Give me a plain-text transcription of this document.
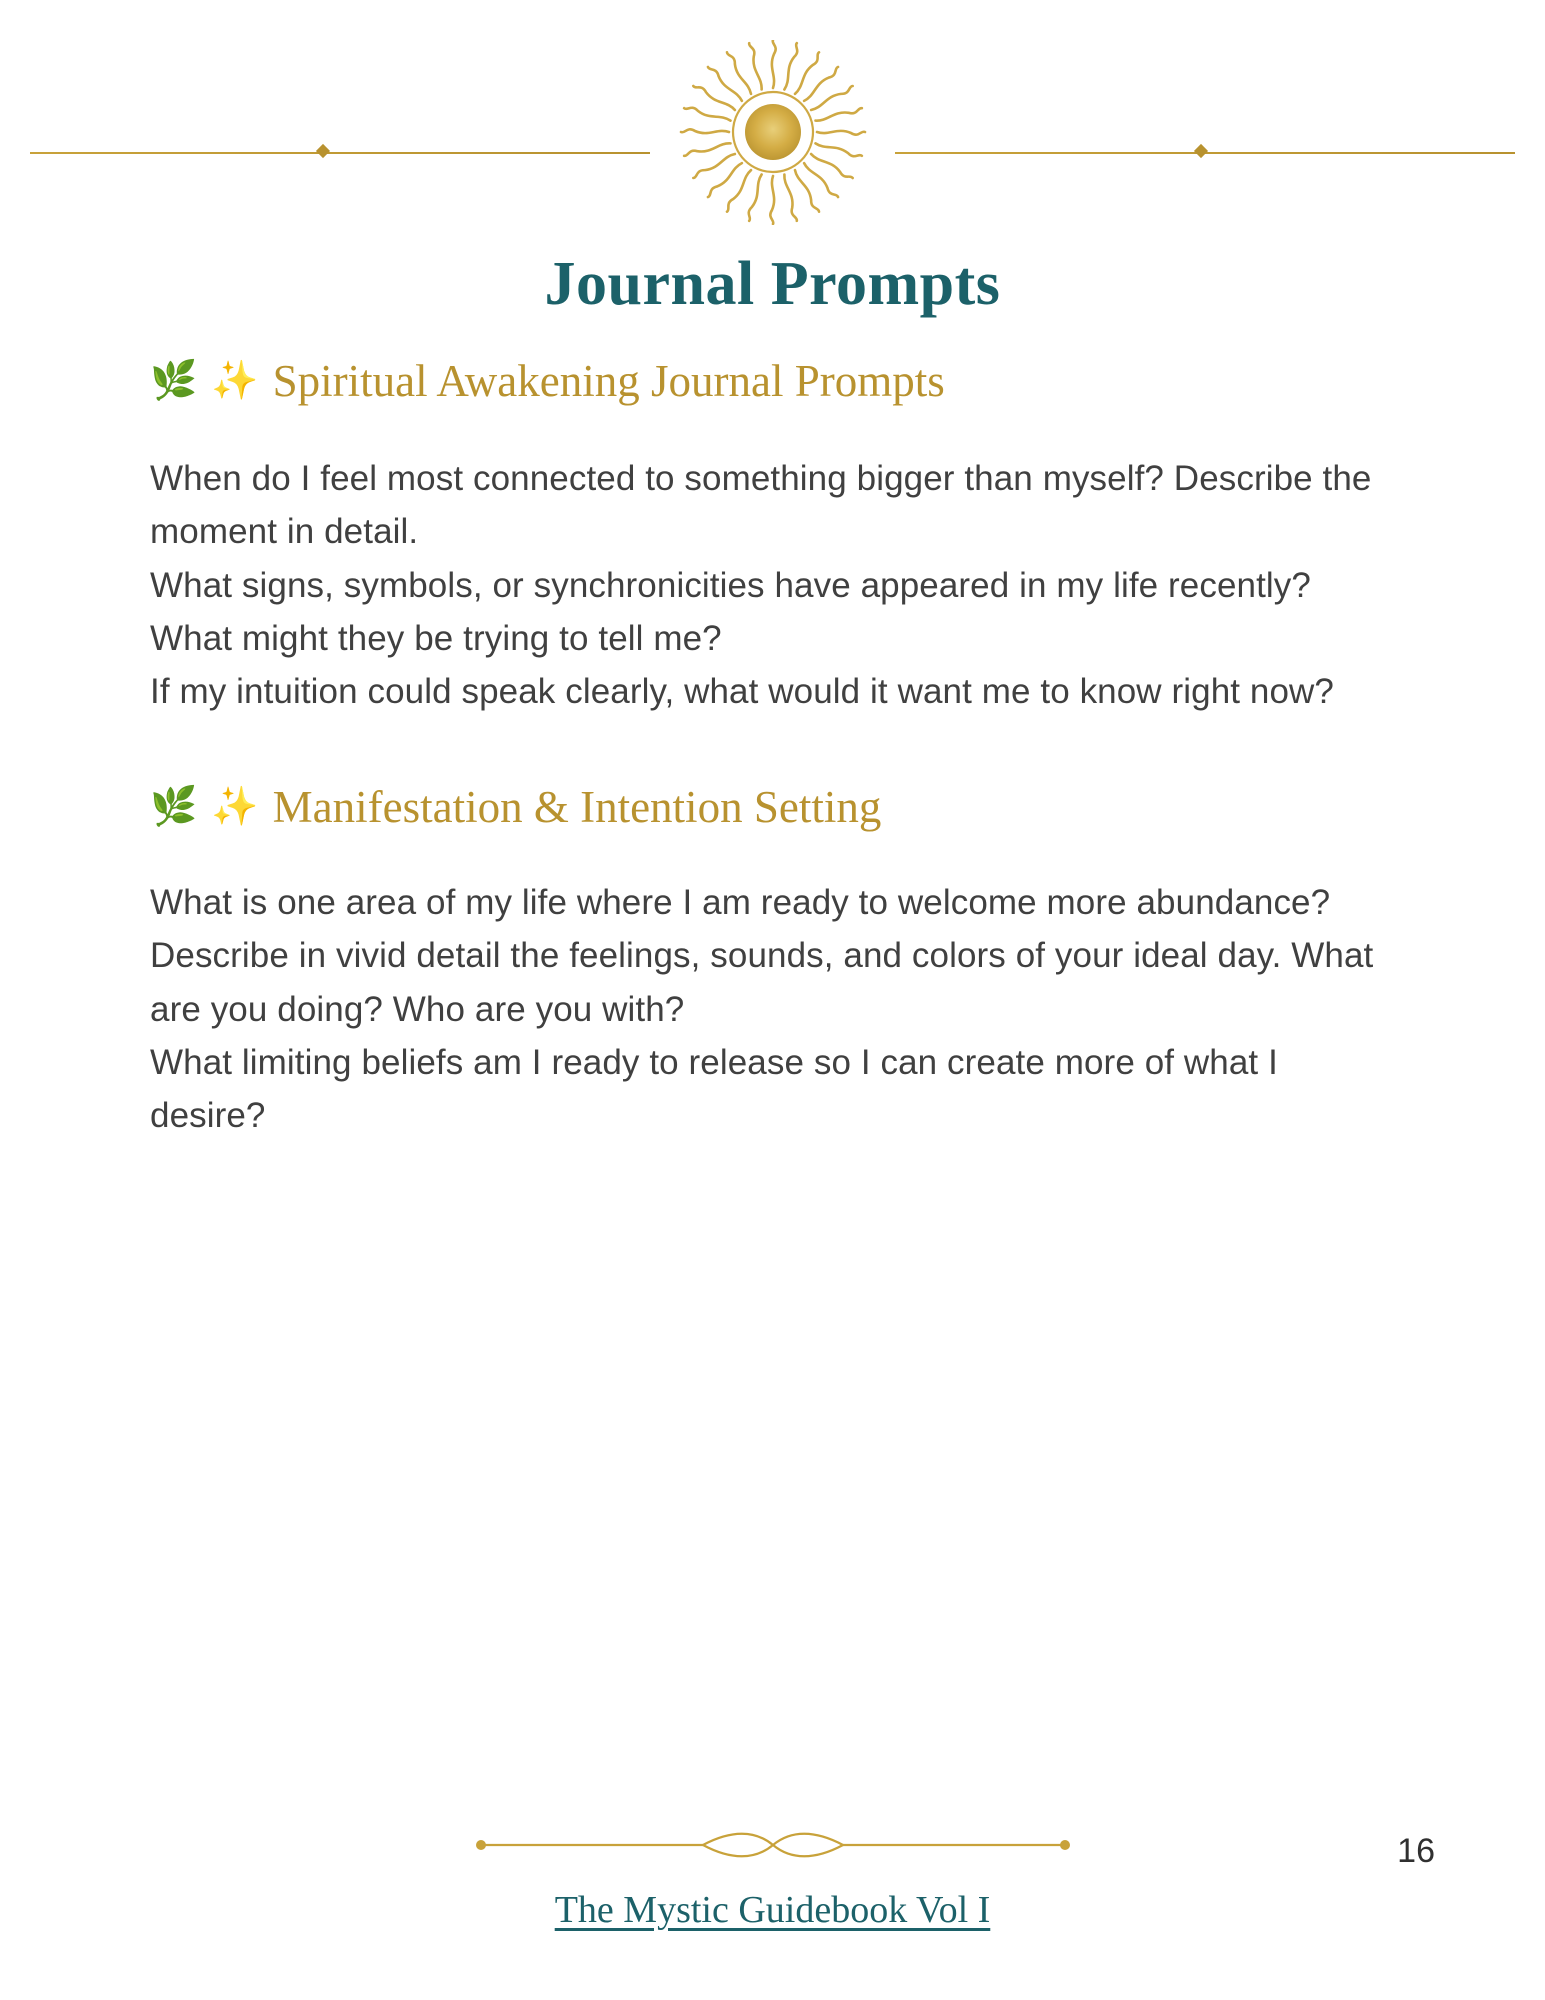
Journal Prompts
🌿 ✨ Spiritual Awakening Journal Prompts

When do I feel most connected to something bigger than myself? Describe the moment in detail.

What signs, symbols, or synchronicities have appeared in my life recently?

What might they be trying to tell me?

If my intuition could speak clearly, what would it want me to know right now?

🌿 ✨ Manifestation & Intention Setting

What is one area of my life where I am ready to welcome more abundance?

Describe in vivid detail the feelings, sounds, and colors of your ideal day. What are you doing? Who are you with?

What limiting beliefs am I ready to release so I can create more of what I desire?

16
The Mystic Guidebook Vol I
